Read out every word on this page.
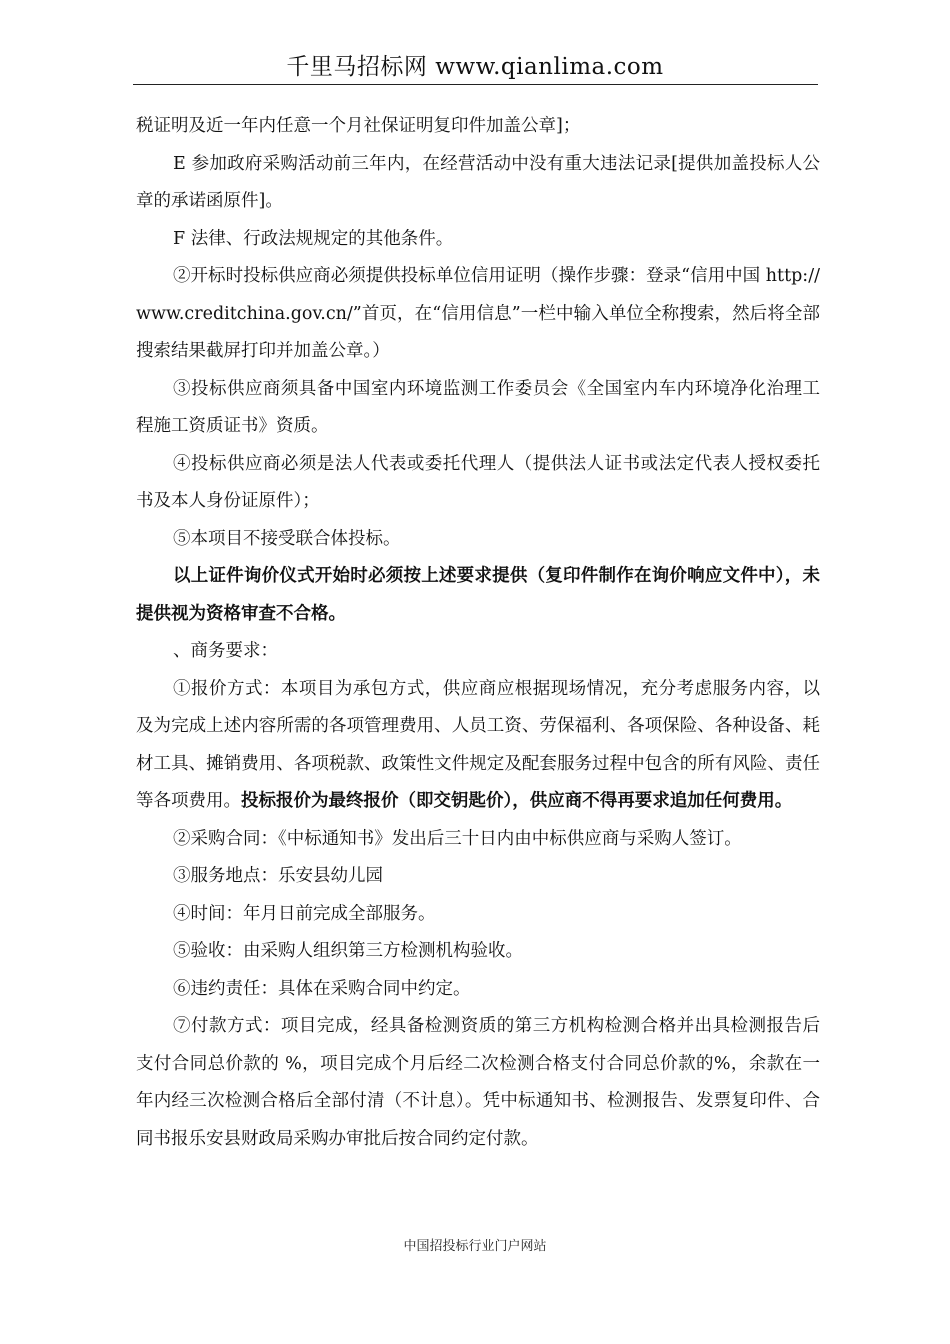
千里马招标网 www.qianlima.com

税证明及近一年内任意一个月社保证明复印件加盖公章]；

E 参加政府采购活动前三年内，在经营活动中没有重大违法记录[提供加盖投标人公章的承诺函原件]。

F 法律、行政法规规定的其他条件。

②开标时投标供应商必须提供投标单位信用证明（操作步骤：登录“信用中国 http://www.creditchina.gov.cn/”首页，在“信用信息”一栏中输入单位全称搜索，然后将全部搜索结果截屏打印并加盖公章。）

③投标供应商须具备中国室内环境监测工作委员会《全国室内车内环境净化治理工程施工资质证书》资质。

④投标供应商必须是法人代表或委托代理人（提供法人证书或法定代表人授权委托书及本人身份证原件）；

⑤本项目不接受联合体投标。

以上证件询价仪式开始时必须按上述要求提供（复印件制作在询价响应文件中），未提供视为资格审查不合格。

、商务要求：

①报价方式：本项目为承包方式，供应商应根据现场情况，充分考虑服务内容，以及为完成上述内容所需的各项管理费用、人员工资、劳保福利、各项保险、各种设备、耗材工具、摊销费用、各项税款、政策性文件规定及配套服务过程中包含的所有风险、责任等各项费用。投标报价为最终报价（即交钥匙价），供应商不得再要求追加任何费用。

②采购合同：《中标通知书》发出后三十日内由中标供应商与采购人签订。

③服务地点：乐安县幼儿园

④时间：年月日前完成全部服务。

⑤验收：由采购人组织第三方检测机构验收。

⑥违约责任：具体在采购合同中约定。

⑦付款方式：项目完成，经具备检测资质的第三方机构检测合格并出具检测报告后支付合同总价款的 %，项目完成个月后经二次检测合格支付合同总价款的%，余款在一年内经三次检测合格后全部付清（不计息）。凭中标通知书、检测报告、发票复印件、合同书报乐安县财政局采购办审批后按合同约定付款。

中国招投标行业门户网站
